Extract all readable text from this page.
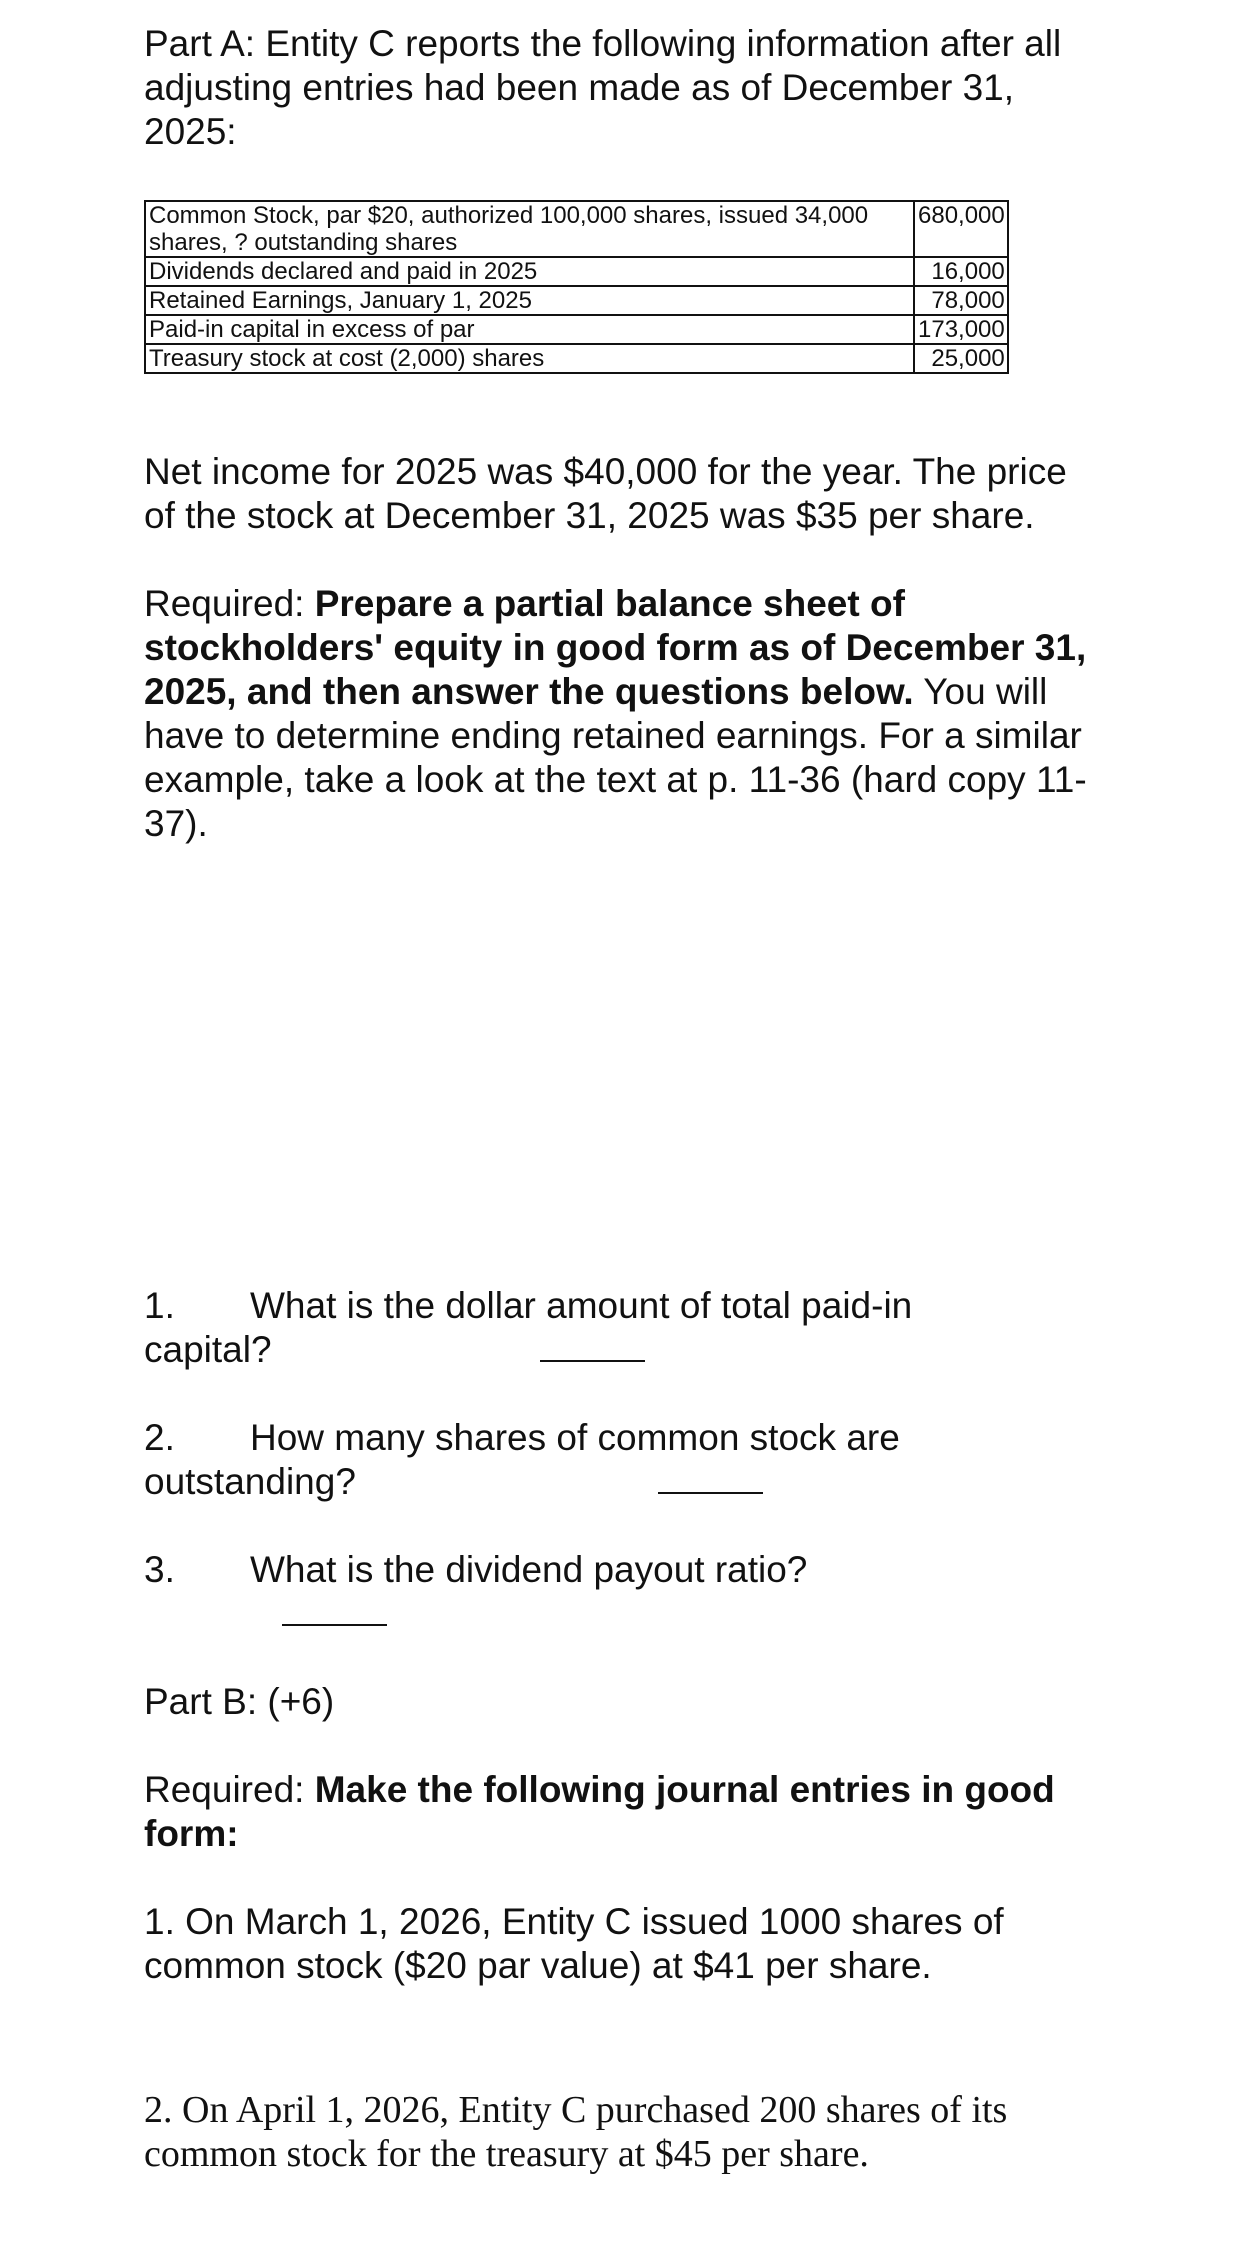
Part A: Entity C reports the following information after all adjusting entries had been made as of December 31, 2025:

Common Stock, par $20, authorized 100,000 shares, issued 34,000 shares, ? outstanding shares	680,000
Dividends declared and paid in 2025	16,000
Retained Earnings, January 1, 2025	78,000
Paid-in capital in excess of par	173,000
Treasury stock at cost (2,000) shares	25,000

Net income for 2025 was $40,000 for the year. The price of the stock at December 31, 2025 was $35 per share.

Required: Prepare a partial balance sheet of stockholders' equity in good form as of December 31, 2025, and then answer the questions below. You will have to determine ending retained earnings. For a similar example, take a look at the text at p. 11-36 (hard copy 11-37).

1. What is the dollar amount of total paid-in

capital?

2. How many shares of common stock are

outstanding?

3. What is the dividend payout ratio?

Part B: (+6)

Required: Make the following journal entries in good form:

1. On March 1, 2026, Entity C issued 1000 shares of common stock ($20 par value) at $41 per share.

2. On April 1, 2026, Entity C purchased 200 shares of its common stock for the treasury at $45 per share.
